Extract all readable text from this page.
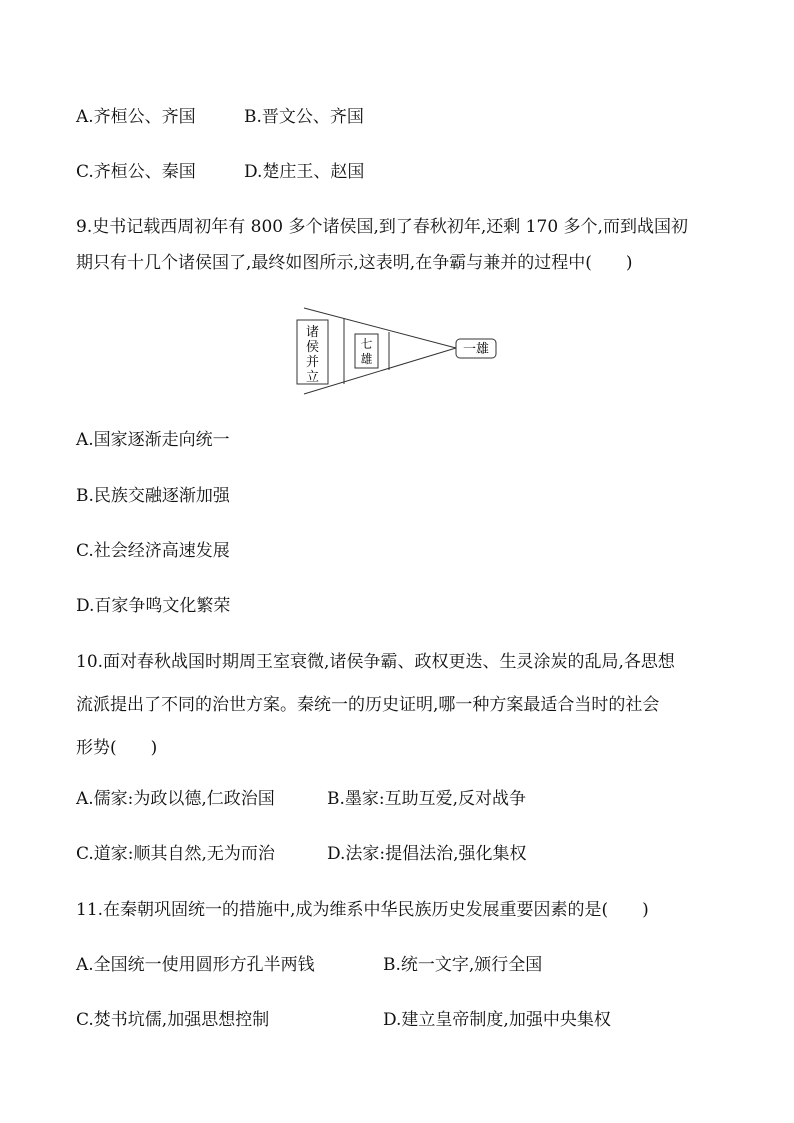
A.齐桓公、齐国	B.晋文公、齐国
C.齐桓公、秦国	D.楚庄王、赵国
9.史书记载西周初年有 800 多个诸侯国,到了春秋初年,还剩 170 多个,而到战国初
期只有十几个诸侯国了,最终如图所示,这表明,在争霸与兼并的过程中(　　)
诸
侯
并
立
七
雄
一雄
A.国家逐渐走向统一
B.民族交融逐渐加强
C.社会经济高速发展
D.百家争鸣文化繁荣
10.面对春秋战国时期周王室衰微,诸侯争霸、政权更迭、生灵涂炭的乱局,各思想
流派提出了不同的治世方案。秦统一的历史证明,哪一种方案最适合当时的社会
形势(　　)
A.儒家:为政以德,仁政治国	B.墨家:互助互爱,反对战争
C.道家:顺其自然,无为而治	D.法家:提倡法治,强化集权
11.在秦朝巩固统一的措施中,成为维系中华民族历史发展重要因素的是(　　)
A.全国统一使用圆形方孔半两钱	B.统一文字,颁行全国
C.焚书坑儒,加强思想控制	D.建立皇帝制度,加强中央集权
